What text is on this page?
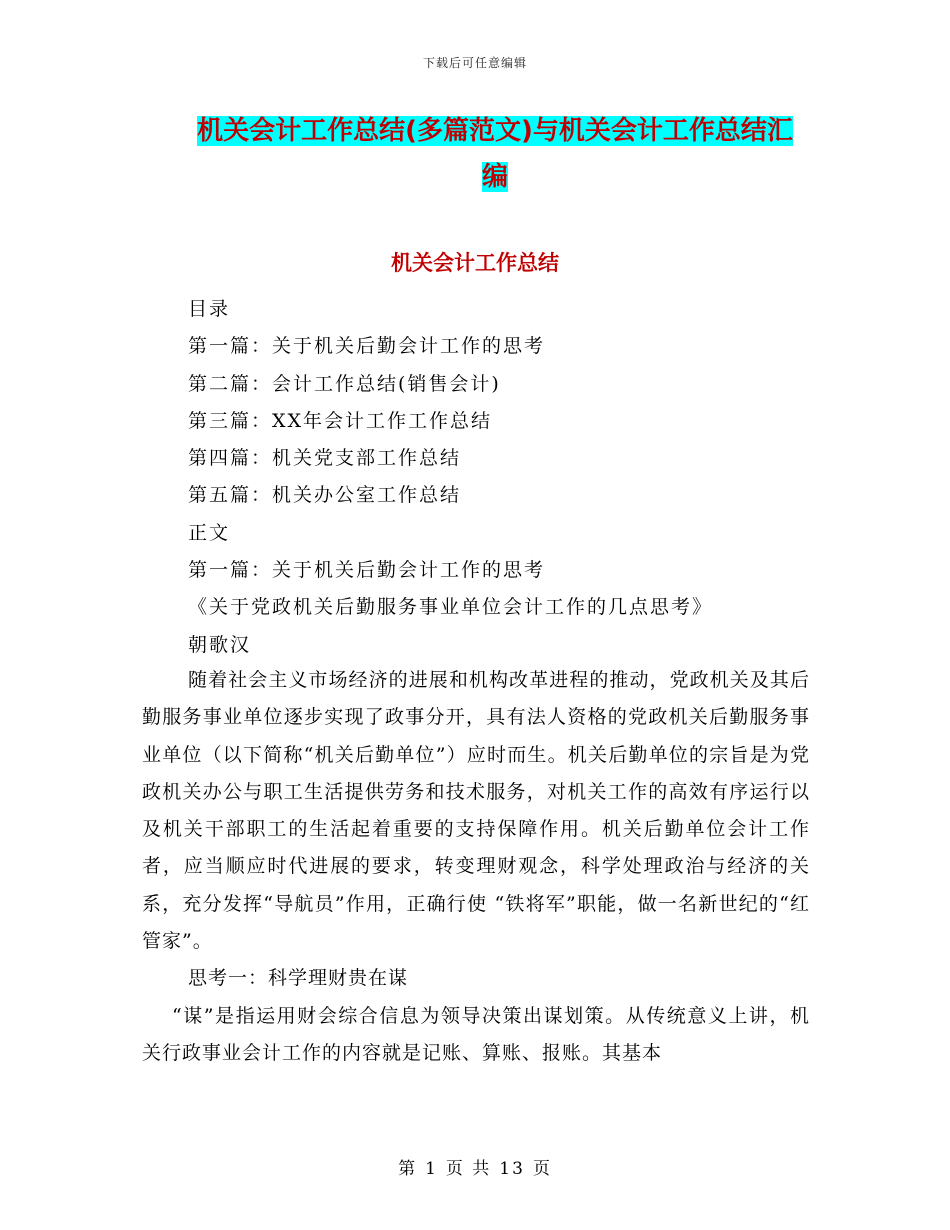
下载后可任意编辑
机关会计工作总结(多篇范文)与机关会计工作总结汇
编
机关会计工作总结
目录
第一篇：关于机关后勤会计工作的思考
第二篇：会计工作总结(销售会计)
第三篇：XX年会计工作工作总结
第四篇：机关党支部工作总结
第五篇：机关办公室工作总结
正文
第一篇：关于机关后勤会计工作的思考
《关于党政机关后勤服务事业单位会计工作的几点思考》
朝歌汉

随着社会主义市场经济的进展和机构改革进程的推动，党政机关及其后勤服务事业单位逐步实现了政事分开，具有法人资格的党政机关后勤服务事业单位（以下简称“机关后勤单位”）应时而生。机关后勤单位的宗旨是为党政机关办公与职工生活提供劳务和技术服务，对机关工作的高效有序运行以及机关干部职工的生活起着重要的支持保障作用。机关后勤单位会计工作者，应当顺应时代进展的要求，转变理财观念，科学处理政治与经济的关系，充分发挥“导航员”作用，正确行使 “铁将军”职能，做一名新世纪的“红管家”。

思考一：科学理财贵在谋

“谋”是指运用财会综合信息为领导决策出谋划策。从传统意义上讲，机关行政事业会计工作的内容就是记账、算账、报账。其基本

第 1 页 共 13 页
